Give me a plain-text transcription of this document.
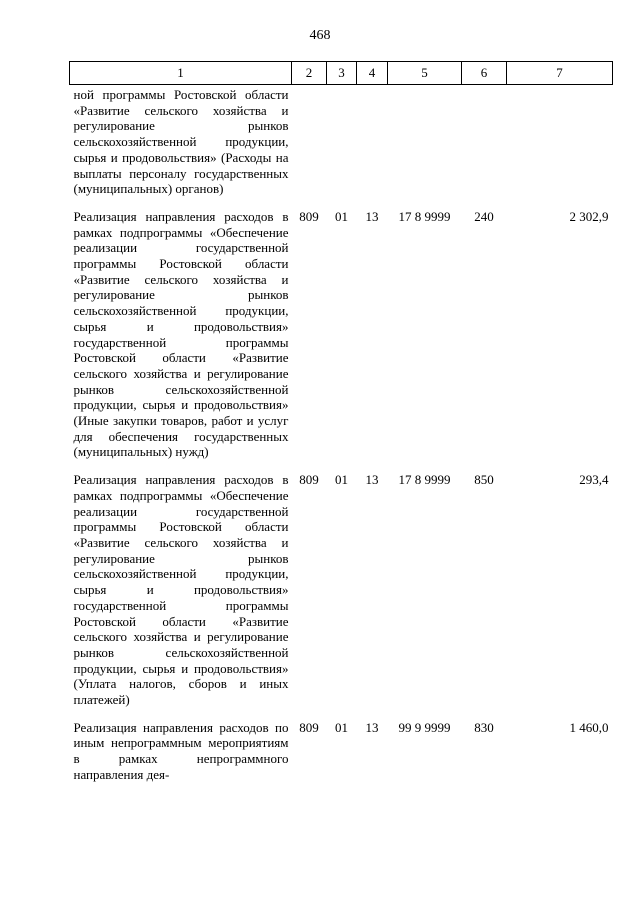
468
1	2	3	4	5	6	7
ной программы Ростовской области «Развитие сельского хозяйства и регулирование рынков сельскохозяйственной продукции, сырья и продовольствия» (Расходы на выплаты персоналу государственных (муниципальных) органов)						
Реализация направления расходов в рамках подпрограммы «Обеспечение реализации государственной программы Ростовской области «Развитие сельского хозяйства и регулирование рынков сельскохозяйственной продукции, сырья и продовольствия» государственной программы Ростовской области «Развитие сельского хозяйства и регулирование рынков сельскохозяйственной продукции, сырья и продовольствия» (Иные закупки товаров, работ и услуг для обеспечения государственных (муниципальных) нужд)	809	01	13	17 8 9999	240	2 302,9
Реализация направления расходов в рамках подпрограммы «Обеспечение реализации государственной программы Ростовской области «Развитие сельского хозяйства и регулирование рынков сельскохозяйственной продукции, сырья и продовольствия» государственной программы Ростовской области «Развитие сельского хозяйства и регулирование рынков сельскохозяйственной продукции, сырья и продовольствия» (Уплата налогов, сборов и иных платежей)	809	01	13	17 8 9999	850	293,4
Реализация направления расходов по иным непрограммным мероприятиям в рамках непрограммного направления дея-	809	01	13	99 9 9999	830	1 460,0
